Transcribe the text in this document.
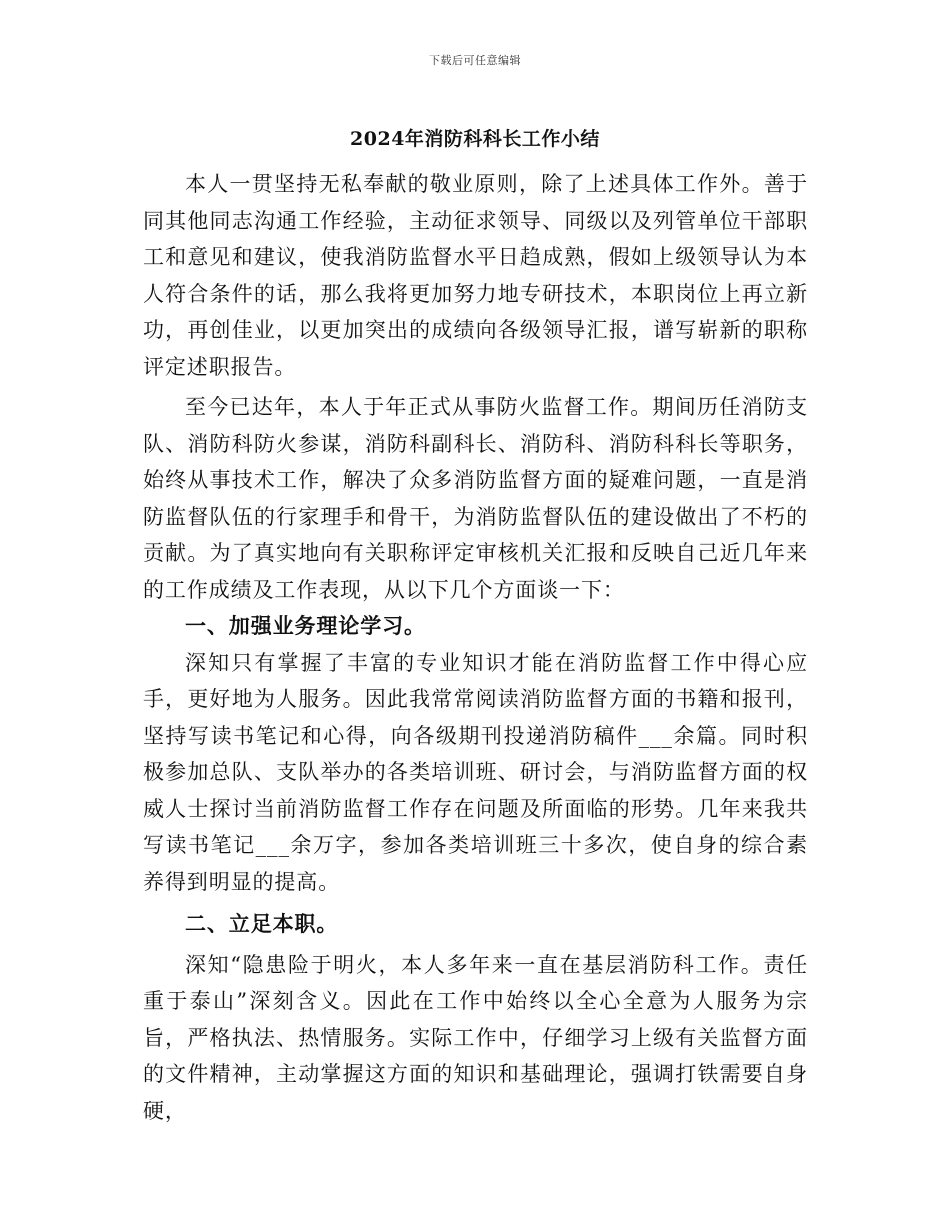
下载后可任意编辑
2024年消防科科长工作小结

本人一贯坚持无私奉献的敬业原则，除了上述具体工作外。善于同其他同志沟通工作经验，主动征求领导、同级以及列管单位干部职工和意见和建议，使我消防监督水平日趋成熟，假如上级领导认为本人符合条件的话，那么我将更加努力地专研技术，本职岗位上再立新功，再创佳业，以更加突出的成绩向各级领导汇报，谱写崭新的职称评定述职报告。

至今已达年，本人于年正式从事防火监督工作。期间历任消防支队、消防科防火参谋，消防科副科长、消防科、消防科科长等职务，始终从事技术工作，解决了众多消防监督方面的疑难问题，一直是消防监督队伍的行家理手和骨干，为消防监督队伍的建设做出了不朽的贡献。为了真实地向有关职称评定审核机关汇报和反映自己近几年来的工作成绩及工作表现，从以下几个方面谈一下：

一、加强业务理论学习。

深知只有掌握了丰富的专业知识才能在消防监督工作中得心应手，更好地为人服务。因此我常常阅读消防监督方面的书籍和报刊，坚持写读书笔记和心得，向各级期刊投递消防稿件___余篇。同时积极参加总队、支队举办的各类培训班、研讨会，与消防监督方面的权威人士探讨当前消防监督工作存在问题及所面临的形势。几年来我共写读书笔记___余万字，参加各类培训班三十多次，使自身的综合素养得到明显的提高。

二、立足本职。

深知“隐患险于明火，本人多年来一直在基层消防科工作。责任重于泰山”深刻含义。因此在工作中始终以全心全意为人服务为宗旨，严格执法、热情服务。实际工作中，仔细学习上级有关监督方面的文件精神，主动掌握这方面的知识和基础理论，强调打铁需要自身硬，
